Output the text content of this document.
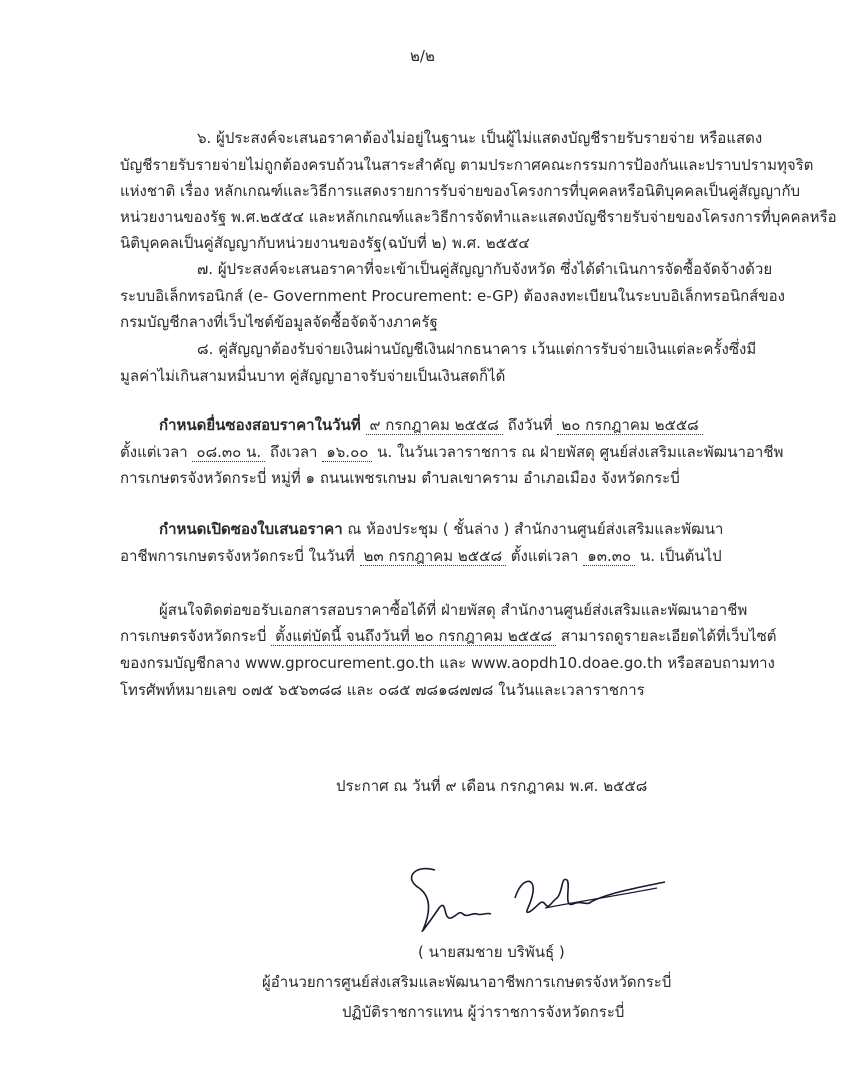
๒/๒
๖. ผู้ประสงค์จะเสนอราคาต้องไม่อยู่ในฐานะ เป็นผู้ไม่แสดงบัญชีรายรับรายจ่าย หรือแสดง
บัญชีรายรับรายจ่ายไม่ถูกต้องครบถ้วนในสาระสำคัญ ตามประกาศคณะกรรมการป้องกันและปราบปรามทุจริต
แห่งชาติ เรื่อง หลักเกณฑ์และวิธีการแสดงรายการรับจ่ายของโครงการที่บุคคลหรือนิติบุคคลเป็นคู่สัญญากับ
หน่วยงานของรัฐ พ.ศ.๒๕๕๔ และหลักเกณฑ์และวิธีการจัดทำและแสดงบัญชีรายรับจ่ายของโครงการที่บุคคลหรือ
นิติบุคคลเป็นคู่สัญญากับหน่วยงานของรัฐ(ฉบับที่ ๒) พ.ศ. ๒๕๕๔
๗. ผู้ประสงค์จะเสนอราคาที่จะเข้าเป็นคู่สัญญากับจังหวัด ซึ่งได้ดำเนินการจัดซื้อจัดจ้างด้วย
ระบบอิเล็กทรอนิกส์ (e- Government Procurement: e-GP) ต้องลงทะเบียนในระบบอิเล็กทรอนิกส์ของ
กรมบัญชีกลางที่เว็บไซต์ข้อมูลจัดซื้อจัดจ้างภาครัฐ
๘. คู่สัญญาต้องรับจ่ายเงินผ่านบัญชีเงินฝากธนาคาร เว้นแต่การรับจ่ายเงินแต่ละครั้งซึ่งมี
มูลค่าไม่เกินสามหมื่นบาท คู่สัญญาอาจรับจ่ายเป็นเงินสดก็ได้
กำหนดยื่นซองสอบราคาในวันที่ ๙ กรกฎาคม ๒๕๕๘ ถึงวันที่ ๒๐ กรกฎาคม ๒๕๕๘
ตั้งแต่เวลา ๐๘.๓๐ น. ถึงเวลา ๑๖.๐๐ น. ในวันเวลาราชการ ณ ฝ่ายพัสดุ ศูนย์ส่งเสริมและพัฒนาอาชีพ
การเกษตรจังหวัดกระบี่ หมู่ที่ ๑ ถนนเพชรเกษม ตำบลเขาคราม อำเภอเมือง จังหวัดกระบี่
กำหนดเปิดซองใบเสนอราคา ณ ห้องประชุม ( ชั้นล่าง ) สำนักงานศูนย์ส่งเสริมและพัฒนา
อาชีพการเกษตรจังหวัดกระบี่ ในวันที่ ๒๓ กรกฎาคม ๒๕๕๘ ตั้งแต่เวลา ๑๓.๓๐ น. เป็นต้นไป
ผู้สนใจติดต่อขอรับเอกสารสอบราคาซื้อได้ที่ ฝ่ายพัสดุ สำนักงานศูนย์ส่งเสริมและพัฒนาอาชีพ
การเกษตรจังหวัดกระบี่ ตั้งแต่บัดนี้ จนถึงวันที่ ๒๐ กรกฎาคม ๒๕๕๘ สามารถดูรายละเอียดได้ที่เว็บไซต์
ของกรมบัญชีกลาง www.gprocurement.go.th และ www.aopdh10.doae.go.th หรือสอบถามทาง
โทรศัพท์หมายเลข ๐๗๕ ๖๕๖๓๘๘ และ ๐๘๕ ๗๘๑๘๗๗๘ ในวันและเวลาราชการ
ประกาศ ณ วันที่ ๙ เดือน กรกฎาคม พ.ศ. ๒๕๕๘
( นายสมชาย บริพันธุ์ )
ผู้อำนวยการศูนย์ส่งเสริมและพัฒนาอาชีพการเกษตรจังหวัดกระบี่
ปฏิบัติราชการแทน ผู้ว่าราชการจังหวัดกระบี่
